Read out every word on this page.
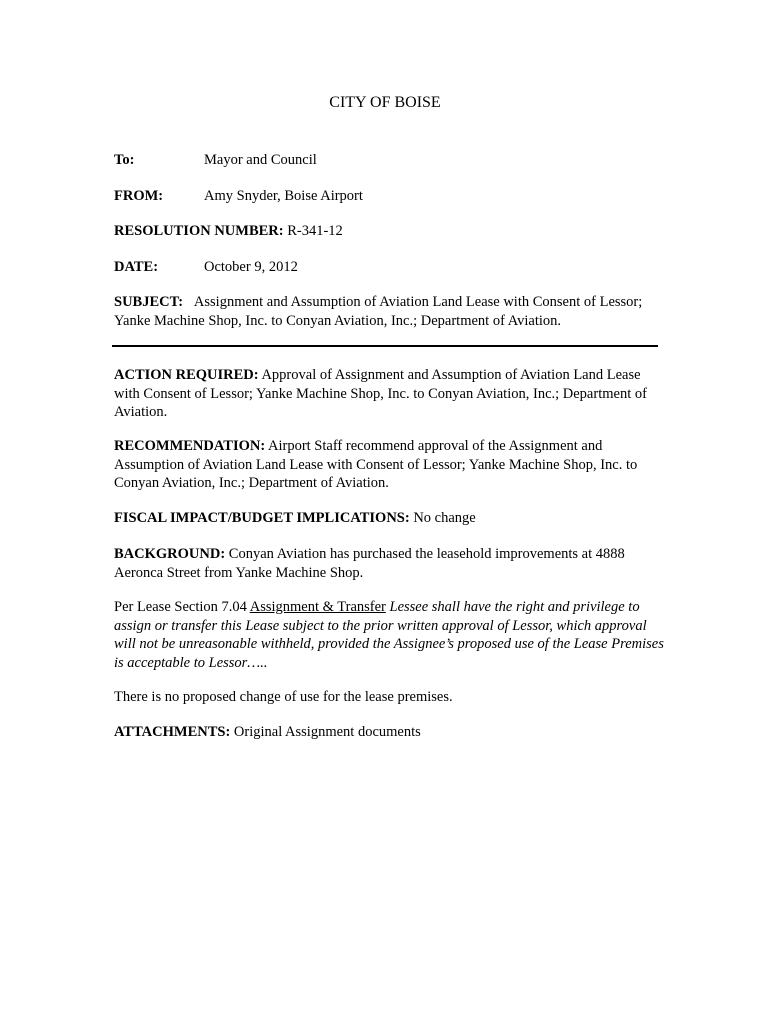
CITY OF BOISE
To:	Mayor and Council
FROM:	Amy Snyder, Boise Airport
RESOLUTION NUMBER: R-341-12
DATE:	October 9, 2012
SUBJECT: Assignment and Assumption of Aviation Land Lease with Consent of Lessor; Yanke Machine Shop, Inc. to Conyan Aviation, Inc.; Department of Aviation.
ACTION REQUIRED: Approval of Assignment and Assumption of Aviation Land Lease with Consent of Lessor; Yanke Machine Shop, Inc. to Conyan Aviation, Inc.; Department of Aviation.
RECOMMENDATION: Airport Staff recommend approval of the Assignment and Assumption of Aviation Land Lease with Consent of Lessor; Yanke Machine Shop, Inc. to Conyan Aviation, Inc.; Department of Aviation.
FISCAL IMPACT/BUDGET IMPLICATIONS: No change
BACKGROUND: Conyan Aviation has purchased the leasehold improvements at 4888 Aeronca Street from Yanke Machine Shop.
Per Lease Section 7.04 Assignment & Transfer Lessee shall have the right and privilege to assign or transfer this Lease subject to the prior written approval of Lessor, which approval will not be unreasonable withheld, provided the Assignee’s proposed use of the Lease Premises is acceptable to Lessor…..
There is no proposed change of use for the lease premises.
ATTACHMENTS: Original Assignment documents
